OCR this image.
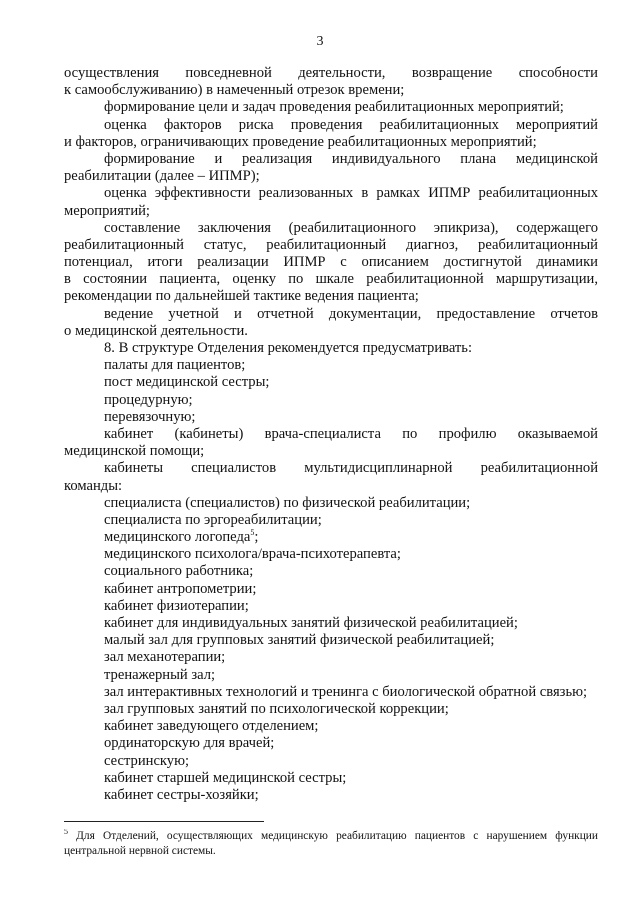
3
осуществления повседневной деятельности, возвращение способности
к самообслуживанию) в намеченный отрезок времени;
формирование цели и задач проведения реабилитационных мероприятий;
оценка факторов риска проведения реабилитационных мероприятий
и факторов, ограничивающих проведение реабилитационных мероприятий;
формирование и реализация индивидуального плана медицинской
реабилитации (далее – ИПМР);
оценка эффективности реализованных в рамках ИПМР реабилитационных
мероприятий;
составление заключения (реабилитационного эпикриза), содержащего
реабилитационный статус, реабилитационный диагноз, реабилитационный
потенциал, итоги реализации ИПМР с описанием достигнутой динамики
в состоянии пациента, оценку по шкале реабилитационной маршрутизации,
рекомендации по дальнейшей тактике ведения пациента;
ведение учетной и отчетной документации, предоставление отчетов
о медицинской деятельности.
8. В структуре Отделения рекомендуется предусматривать:
палаты для пациентов;
пост медицинской сестры;
процедурную;
перевязочную;
кабинет (кабинеты) врача-специалиста по профилю оказываемой
медицинской помощи;
кабинеты специалистов мультидисциплинарной реабилитационной
команды:
специалиста (специалистов) по физической реабилитации;
специалиста по эргореабилитации;
медицинского логопеда$^5$;
медицинского психолога/врача-психотерапевта;
социального работника;
кабинет антропометрии;
кабинет физиотерапии;
кабинет для индивидуальных занятий физической реабилитацией;
малый зал для групповых занятий физической реабилитацией;
зал механотерапии;
тренажерный зал;
зал интерактивных технологий и тренинга с биологической обратной связью;
зал групповых занятий по психологической коррекции;
кабинет заведующего отделением;
ординаторскую для врачей;
сестринскую;
кабинет старшей медицинской сестры;
кабинет сестры-хозяйки;
$^5$ Для Отделений, осуществляющих медицинскую реабилитацию пациентов с нарушением функции
центральной нервной системы.
